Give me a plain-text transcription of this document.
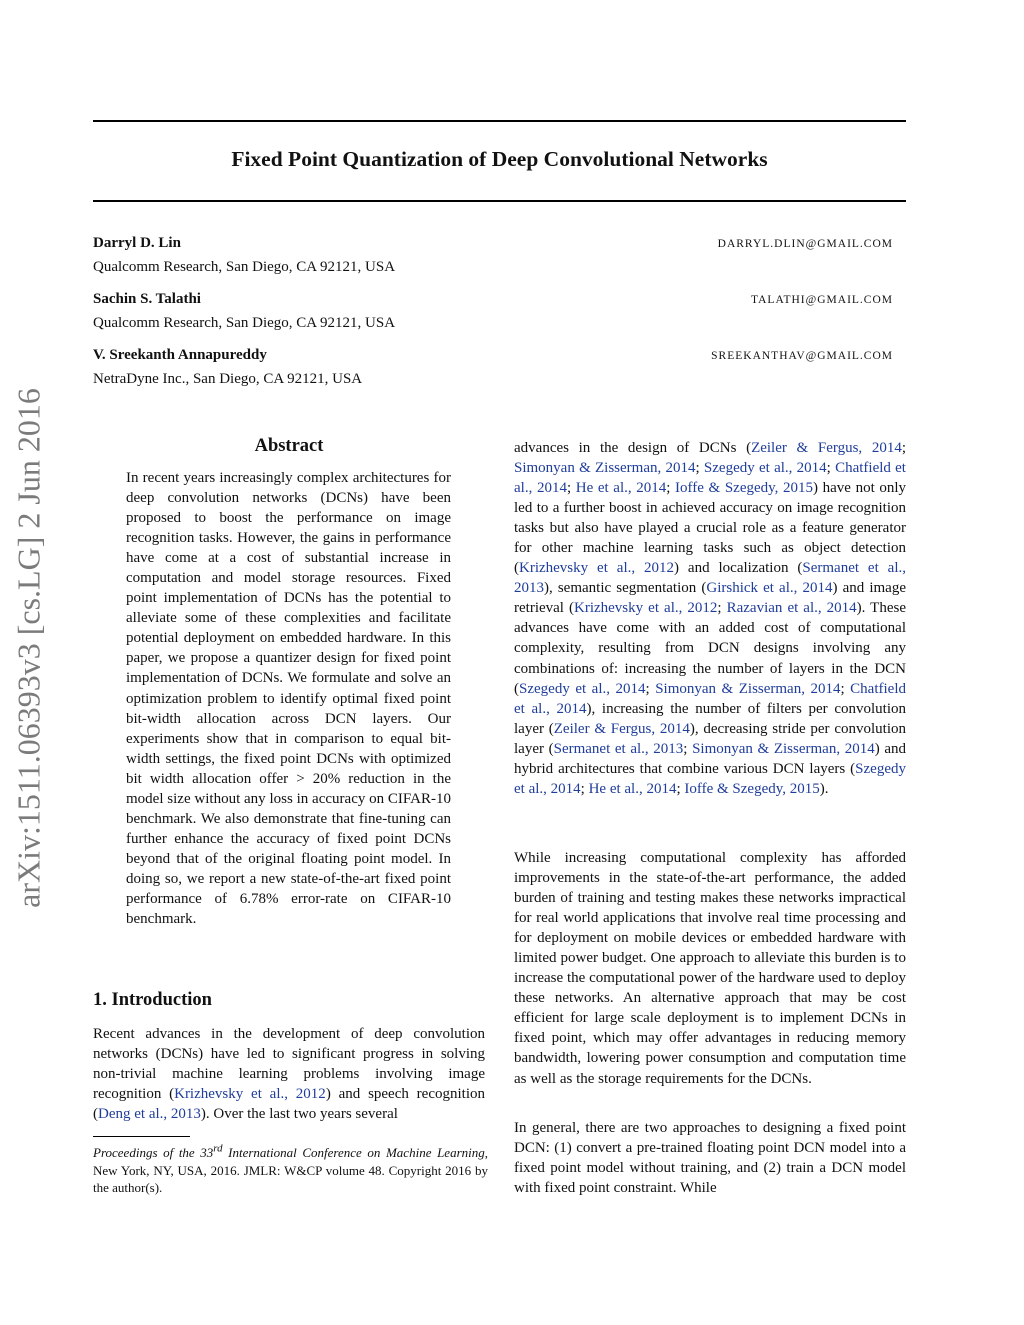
arXiv:1511.06393v3 [cs.LG] 2 Jun 2016
Fixed Point Quantization of Deep Convolutional Networks
Darryl D. Lin	DARRYL.DLIN@GMAIL.COM
Qualcomm Research, San Diego, CA 92121, USA
Sachin S. Talathi	TALATHI@GMAIL.COM
Qualcomm Research, San Diego, CA 92121, USA
V. Sreekanth Annapureddy	SREEKANTHAV@GMAIL.COM
NetraDyne Inc., San Diego, CA 92121, USA
Abstract
In recent years increasingly complex architectures for deep convolution networks (DCNs) have been proposed to boost the performance on image recognition tasks. However, the gains in performance have come at a cost of substantial increase in computation and model storage resources. Fixed point implementation of DCNs has the potential to alleviate some of these complexities and facilitate potential deployment on embedded hardware. In this paper, we propose a quantizer design for fixed point implementation of DCNs. We formulate and solve an optimization problem to identify optimal fixed point bit-width allocation across DCN layers. Our experiments show that in comparison to equal bit-width settings, the fixed point DCNs with optimized bit width allocation offer > 20% reduction in the model size without any loss in accuracy on CIFAR-10 benchmark. We also demonstrate that fine-tuning can further enhance the accuracy of fixed point DCNs beyond that of the original floating point model. In doing so, we report a new state-of-the-art fixed point performance of 6.78% error-rate on CIFAR-10 benchmark.
1. Introduction

Recent advances in the development of deep convolution networks (DCNs) have led to significant progress in solving non-trivial machine learning problems involving image recognition (Krizhevsky et al., 2012) and speech recognition (Deng et al., 2013). Over the last two years several

Proceedings of the 33rd International Conference on Machine Learning, New York, NY, USA, 2016. JMLR: W&CP volume 48. Copyright 2016 by the author(s).

advances in the design of DCNs (Zeiler & Fergus, 2014; Simonyan & Zisserman, 2014; Szegedy et al., 2014; Chatfield et al., 2014; He et al., 2014; Ioffe & Szegedy, 2015) have not only led to a further boost in achieved accuracy on image recognition tasks but also have played a crucial role as a feature generator for other machine learning tasks such as object detection (Krizhevsky et al., 2012) and localization (Sermanet et al., 2013), semantic segmentation (Girshick et al., 2014) and image retrieval (Krizhevsky et al., 2012; Razavian et al., 2014). These advances have come with an added cost of computational complexity, resulting from DCN designs involving any combinations of: increasing the number of layers in the DCN (Szegedy et al., 2014; Simonyan & Zisserman, 2014; Chatfield et al., 2014), increasing the number of filters per convolution layer (Zeiler & Fergus, 2014), decreasing stride per convolution layer (Sermanet et al., 2013; Simonyan & Zisserman, 2014) and hybrid architectures that combine various DCN layers (Szegedy et al., 2014; He et al., 2014; Ioffe & Szegedy, 2015).

While increasing computational complexity has afforded improvements in the state-of-the-art performance, the added burden of training and testing makes these networks impractical for real world applications that involve real time processing and for deployment on mobile devices or embedded hardware with limited power budget. One approach to alleviate this burden is to increase the computational power of the hardware used to deploy these networks. An alternative approach that may be cost efficient for large scale deployment is to implement DCNs in fixed point, which may offer advantages in reducing memory bandwidth, lowering power consumption and computation time as well as the storage requirements for the DCNs.

In general, there are two approaches to designing a fixed point DCN: (1) convert a pre-trained floating point DCN model into a fixed point model without training, and (2) train a DCN model with fixed point constraint. While
